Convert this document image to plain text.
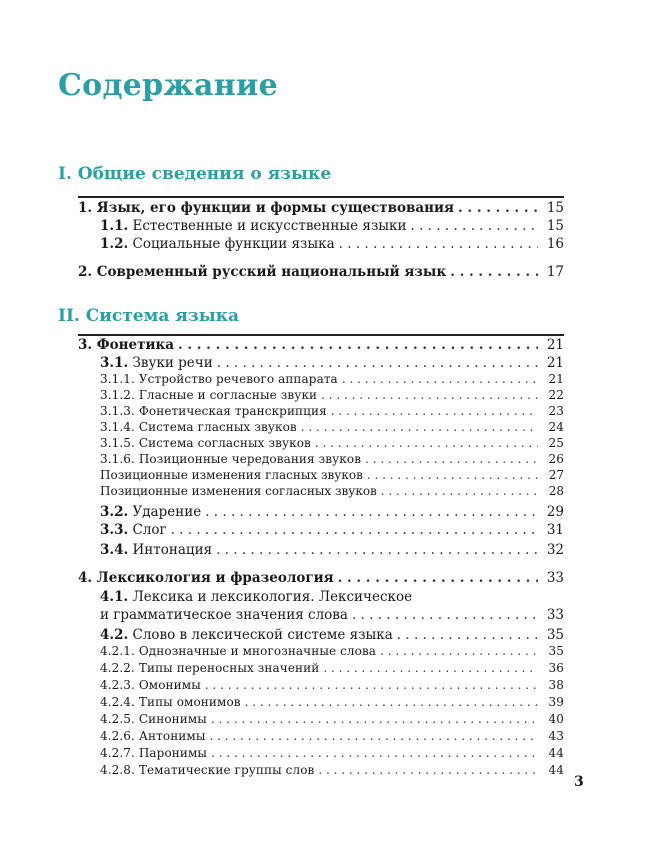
Содержание
I. Общие сведения о языке
1. Язык, его функции и формы существования . . .	15
1.1. Естественные и искусственные языки . . .	15
1.2. Социальные функции языка . . .	16
2. Современный русский национальный язык . . .	17
II. Система языка
3. Фонетика . . .	21
3.1. Звуки речи . . .	21
3.1.1. Устройство речевого аппарата . . .	21
3.1.2. Гласные и согласные звуки . . .	22
3.1.3. Фонетическая транскрипция . . .	23
3.1.4. Система гласных звуков . . .	24
3.1.5. Система согласных звуков . . .	25
3.1.6. Позиционные чередования звуков . . .	26
Позиционные изменения гласных звуков . . .	27
Позиционные изменения согласных звуков . . .	28
3.2. Ударение . . .	29
3.3. Слог . . .	31
3.4. Интонация . . .	32
4. Лексикология и фразеология . . .	33
4.1. Лексика и лексикология. Лексическое
и грамматическое значения слова . . .	33
4.2. Слово в лексической системе языка . . .	35
4.2.1. Однозначные и многозначные слова . . .	35
4.2.2. Типы переносных значений . . .	36
4.2.3. Омонимы . . .	38
4.2.4. Типы омонимов . . .	39
4.2.5. Синонимы . . .	40
4.2.6. Антонимы . . .	43
4.2.7. Паронимы . . .	44
4.2.8. Тематические группы слов . . .	44
3
